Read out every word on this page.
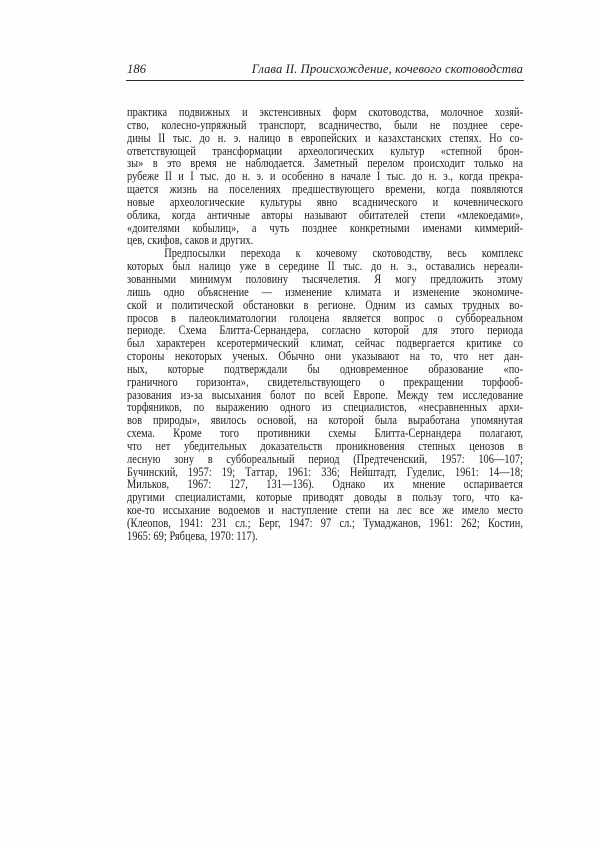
186	Глава II. Происхождение, кочевого скотоводства
практика подвижных и экстенсивных форм скотоводства, молочное хозяй-
ство, колесно-упряжный транспорт, всадничество, были не позднее сере-
дины II тыс. до н. э. налицо в европейских и казахстанских степях. Но со-
ответствующей трансформации археологических культур «степной брон-
зы» в это время не наблюдается. Заметный перелом происходит только на
рубеже II и I тыс. до н. э. и особенно в начале I тыс. до н. э., когда прекра-
щается жизнь на поселениях предшествующего времени, когда появляются
новые археологические культуры явно всаднического и кочевнического
облика, когда античные авторы называют обитателей степи «млекоедами»,
«доителями кобылиц», а чуть позднее конкретными именами киммерий-
цев, скифов, саков и других.
Предпосылки перехода к кочевому скотоводству, весь комплекс
которых был налицо уже в середине II тыс. до н. э., оставались нереали-
зованными минимум половину тысячелетия. Я могу предложить этому
лишь одно объяснение — изменение климата и изменение экономиче-
ской и политической обстановки в регионе. Одним из самых трудных во-
просов в палеоклиматологии голоцена является вопрос о суббореальном
периоде. Схема Блитта-Сернандера, согласно которой для этого периода
был характерен ксеротермический климат, сейчас подвергается критике со
стороны некоторых ученых. Обычно они указывают на то, что нет дан-
ных, которые подтверждали бы одновременное образование «по-
граничного горизонта», свидетельствующего о прекращении торфооб-
разования из-за высыхания болот по всей Европе. Между тем исследование
торфяников, по выражению одного из специалистов, «несравненных архи-
вов природы», явилось основой, на которой была выработана упомянутая
схема. Кроме того противники схемы Блитта-Сернандера полагают,
что нет убедительных доказательств проникновения степных ценозов в
лесную зону в суббореальный период (Предтеченский, 1957: 106—107;
Бучинский, 1957: 19; Таттар, 1961: 336; Нейштадт, Гуделис, 1961: 14—18;
Мильков, 1967: 127, 131—136). Однако их мнение оспаривается
другими специалистами, которые приводят доводы в пользу того, что ка-
кое-то иссыхание водоемов и наступление степи на лес все же имело место
(Клеопов, 1941: 231 сл.; Берг, 1947: 97 сл.; Тумаджанов, 1961: 262; Костин,
1965: 69; Рябцева, 1970: 117).
